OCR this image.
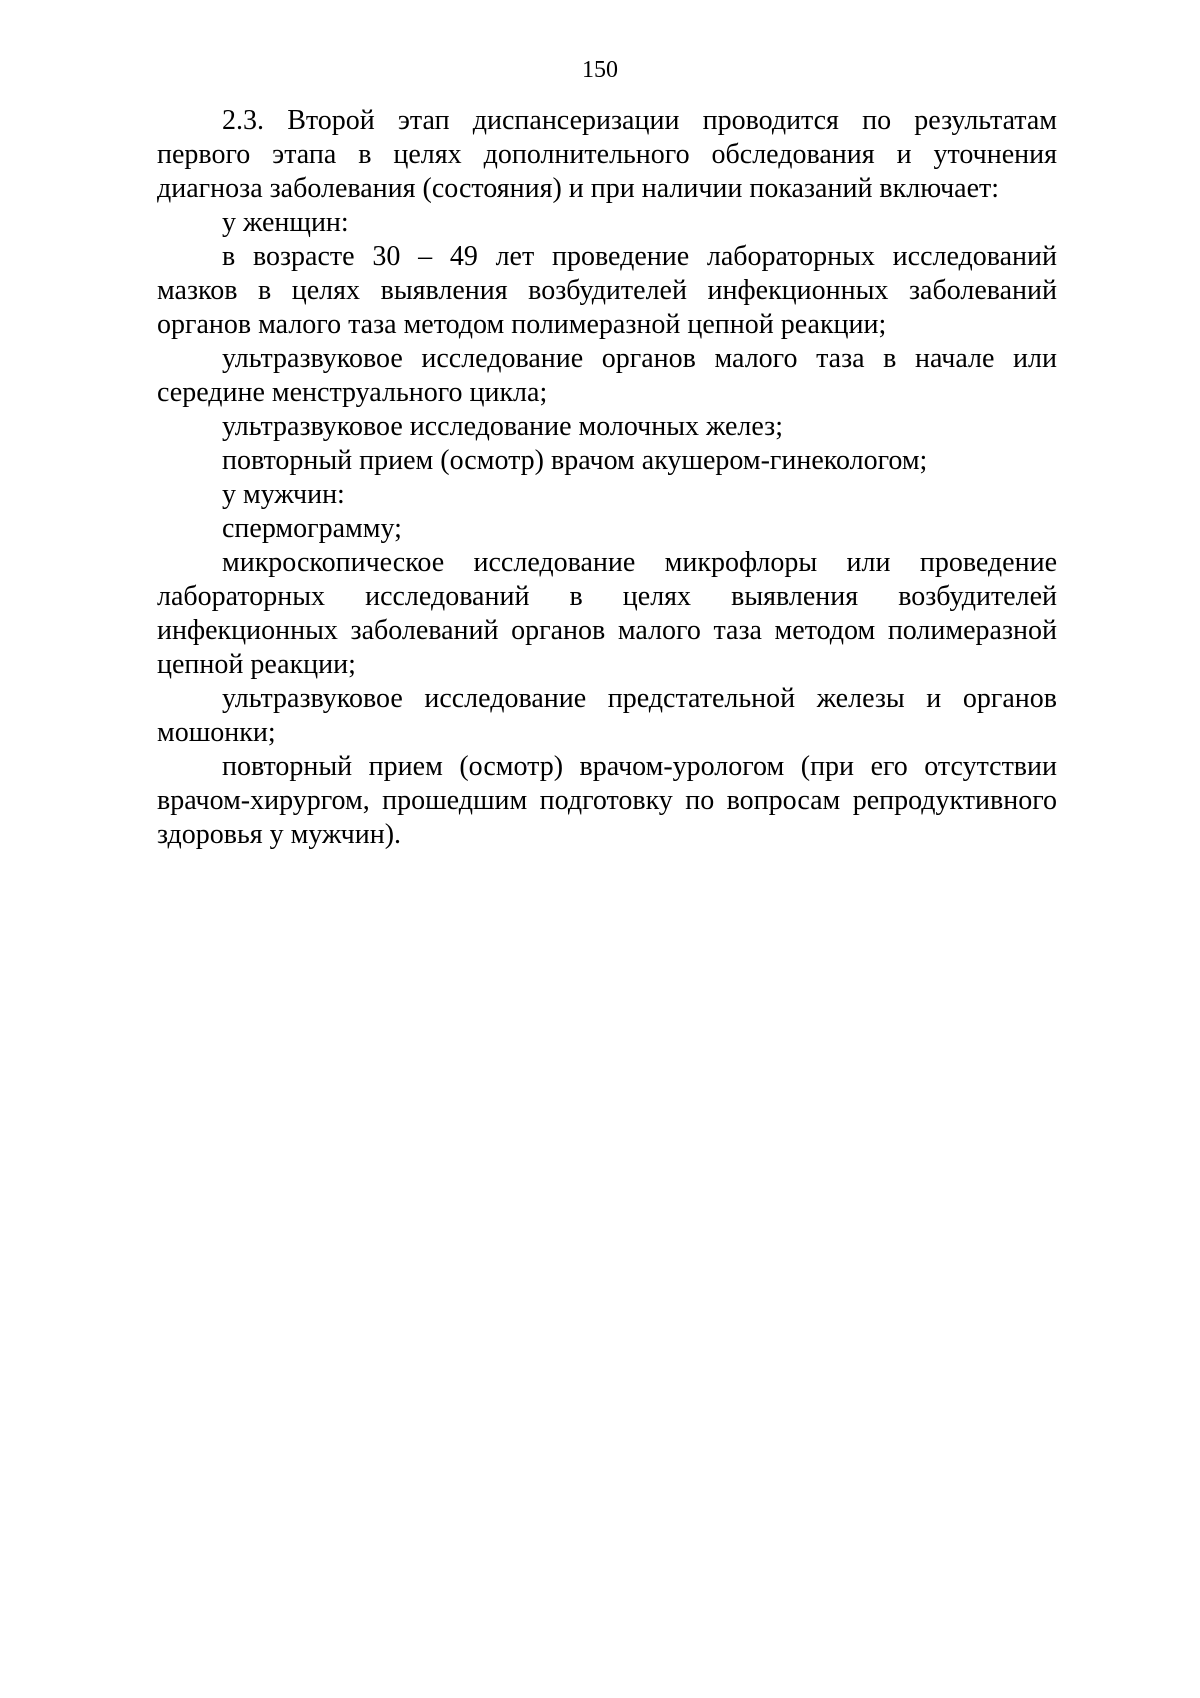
150

2.3. Второй этап диспансеризации проводится по результатам первого этапа в целях дополнительного обследования и уточнения диагноза заболевания (состояния) и при наличии показаний включает:

у женщин:

в возрасте 30 – 49 лет проведение лабораторных исследований мазков в целях выявления возбудителей инфекционных заболеваний органов малого таза методом полимеразной цепной реакции;

ультразвуковое исследование органов малого таза в начале или середине менструального цикла;

ультразвуковое исследование молочных желез;

повторный прием (осмотр) врачом акушером-гинекологом;

у мужчин:

спермограмму;

микроскопическое исследование микрофлоры или проведение лабораторных исследований в целях выявления возбудителей инфекционных заболеваний органов малого таза методом полимеразной цепной реакции;

ультразвуковое исследование предстательной железы и органов мошонки;

повторный прием (осмотр) врачом-урологом (при его отсутствии врачом-хирургом, прошедшим подготовку по вопросам репродуктивного здоровья у мужчин).
